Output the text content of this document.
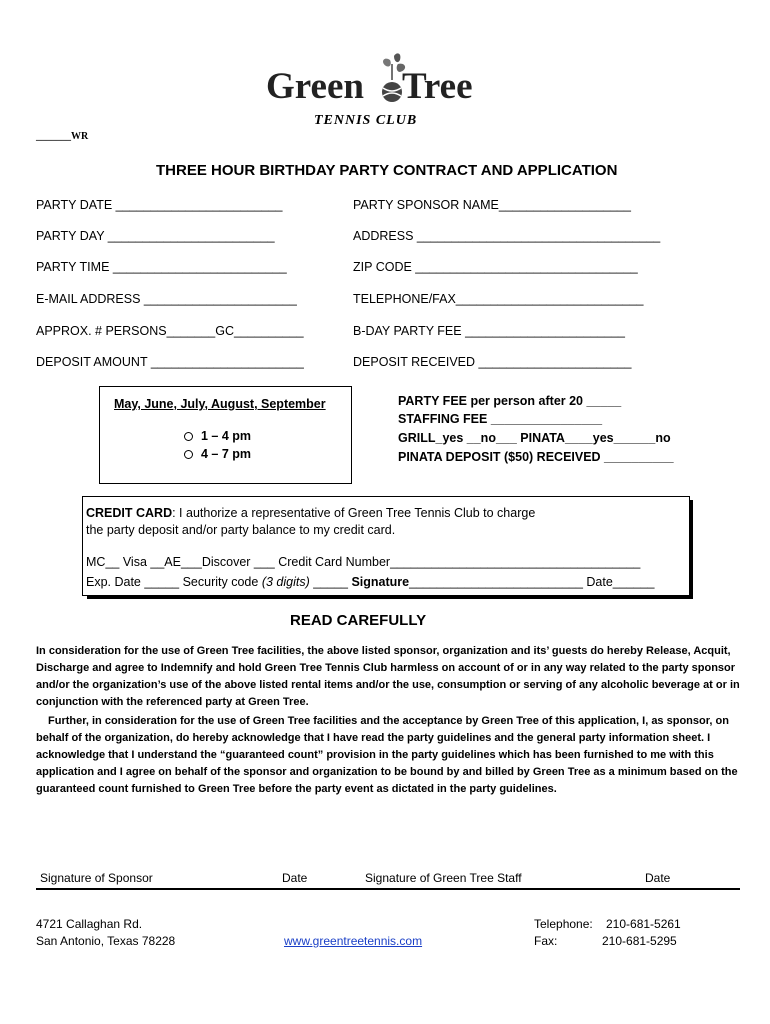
Green Tree
TENNIS CLUB
_______WR
THREE HOUR BIRTHDAY PARTY CONTRACT AND APPLICATION
PARTY DATE ________________________
PARTY DAY ________________________
PARTY TIME _________________________
E-MAIL ADDRESS ______________________
APPROX. # PERSONS_______GC__________
DEPOSIT AMOUNT ______________________
PARTY SPONSOR NAME___________________
ADDRESS ___________________________________
ZIP CODE ________________________________
TELEPHONE/FAX___________________________
B-DAY PARTY FEE _______________________
DEPOSIT RECEIVED ______________________
May, June, July, August, September
1 – 4 pm
4 – 7 pm
PARTY FEE per person after 20 _____
STAFFING FEE ________________
GRILL_yes __no___ PINATA____yes______no
PINATA DEPOSIT ($50) RECEIVED __________
CREDIT CARD: I authorize a representative of Green Tree Tennis Club to charge
the party deposit and/or party balance to my credit card.
MC__ Visa __AE___Discover ___ Credit Card Number____________________________________
Exp. Date _____ Security code (3 digits) _____ Signature_________________________ Date______
READ CAREFULLY
In consideration for the use of Green Tree facilities, the above listed sponsor, organization and its’ guests do hereby Release, Acquit, Discharge and agree to Indemnify and hold Green Tree Tennis Club harmless on account of or in any way related to the party sponsor and/or the organization’s use of the above listed rental items and/or the use, consumption or serving of any alcoholic beverage at or in conjunction with the referenced party at Green Tree.
Further, in consideration for the use of Green Tree facilities and the acceptance by Green Tree of this application, I, as sponsor, on behalf of the organization, do hereby acknowledge that I have read the party guidelines and the general party information sheet. I acknowledge that I understand the “guaranteed count” provision in the party guidelines which has been furnished to me with this application and I agree on behalf of the sponsor and organization to be bound by and billed by Green Tree as a minimum based on the guaranteed count furnished to Green Tree before the party event as dictated in the party guidelines.
Signature of Sponsor	Date	Signature of Green Tree Staff	Date
4721 Callaghan Rd.
San Antonio, Texas 78228	www.greentreetennis.com
Telephone: 210-681-5261
Fax:	210-681-5295
